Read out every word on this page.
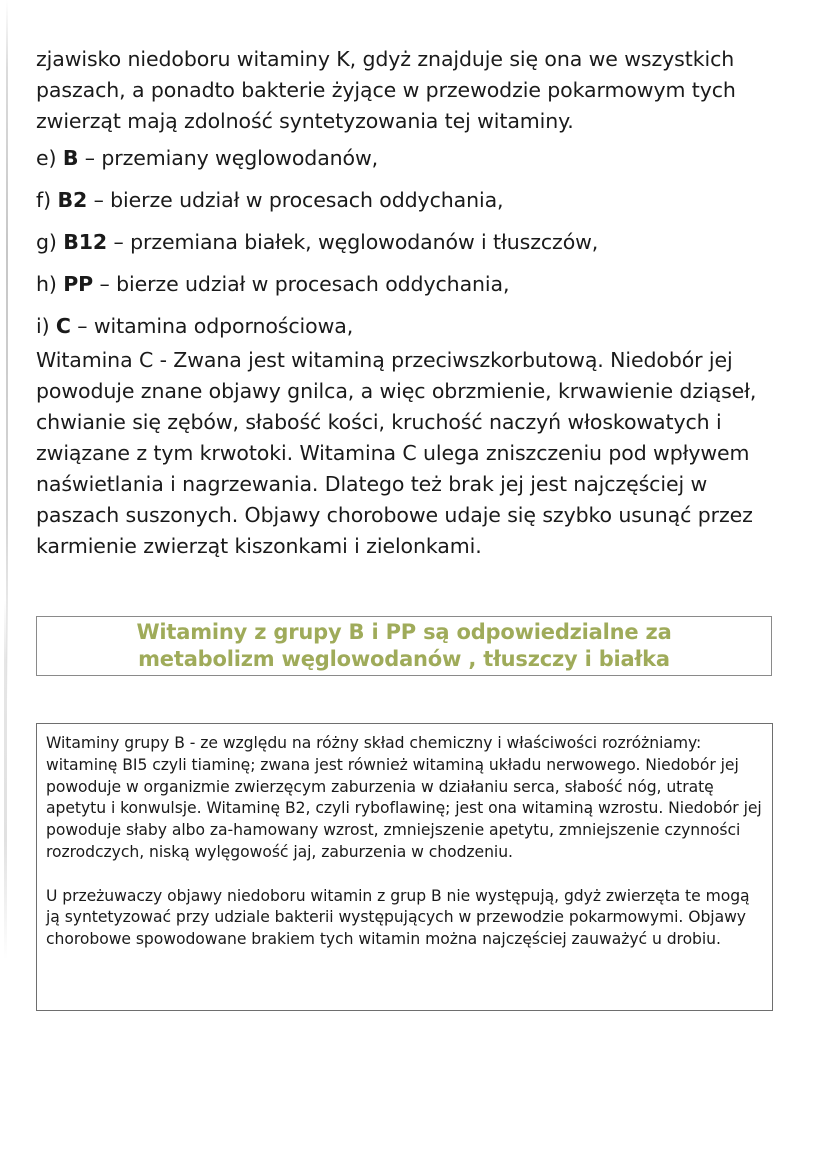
zjawisko niedoboru witaminy K, gdyż znajduje się ona we wszystkich paszach, a ponadto bakterie żyjące w przewodzie pokarmowym tych zwierząt mają zdolność syntetyzowania tej witaminy.

e) B – przemiany węglowodanów,
f) B2 – bierze udział w procesach oddychania,
g) B12 – przemiana białek, węglowodanów i tłuszczów,
h) PP – bierze udział w procesach oddychania,
i) C – witamina odpornościowa,

Witamina C - Zwana jest witaminą przeciwszkorbutową. Niedobór jej powoduje znane objawy gnilca, a więc obrzmienie, krwawienie dziąseł, chwianie się zębów, słabość kości, kruchość naczyń włoskowatych i związane z tym krwotoki. Witamina C ulega zniszczeniu pod wpływem naświetlania i nagrzewania. Dlatego też brak jej jest najczęściej w paszach suszonych. Objawy chorobowe udaje się szybko usunąć przez karmienie zwierząt kiszonkami i zielonkami.

Witaminy z grupy B i PP są odpowiedzialne za
metabolizm węglowodanów , tłuszczy i białka

Witaminy grupy B - ze względu na różny skład chemiczny i właściwości rozróżniamy: witaminę BI5 czyli tiaminę; zwana jest również witaminą układu nerwowego. Niedobór jej powoduje w organizmie zwierzęcym zaburzenia w działaniu serca, słabość nóg, utratę apetytu i konwulsje. Witaminę B2, czyli ryboflawinę; jest ona witaminą wzrostu. Niedobór jej powoduje słaby albo za-hamowany wzrost, zmniejszenie apetytu, zmniejszenie czynności rozrodczych, niską wylęgowość jaj, zaburzenia w chodzeniu.

U przeżuwaczy objawy niedoboru witamin z grup B nie występują, gdyż zwierzęta te mogą ją syntetyzować przy udziale bakterii występujących w przewodzie pokarmowymi. Objawy chorobowe spowodowane brakiem tych witamin można najczęściej zauważyć u drobiu.
